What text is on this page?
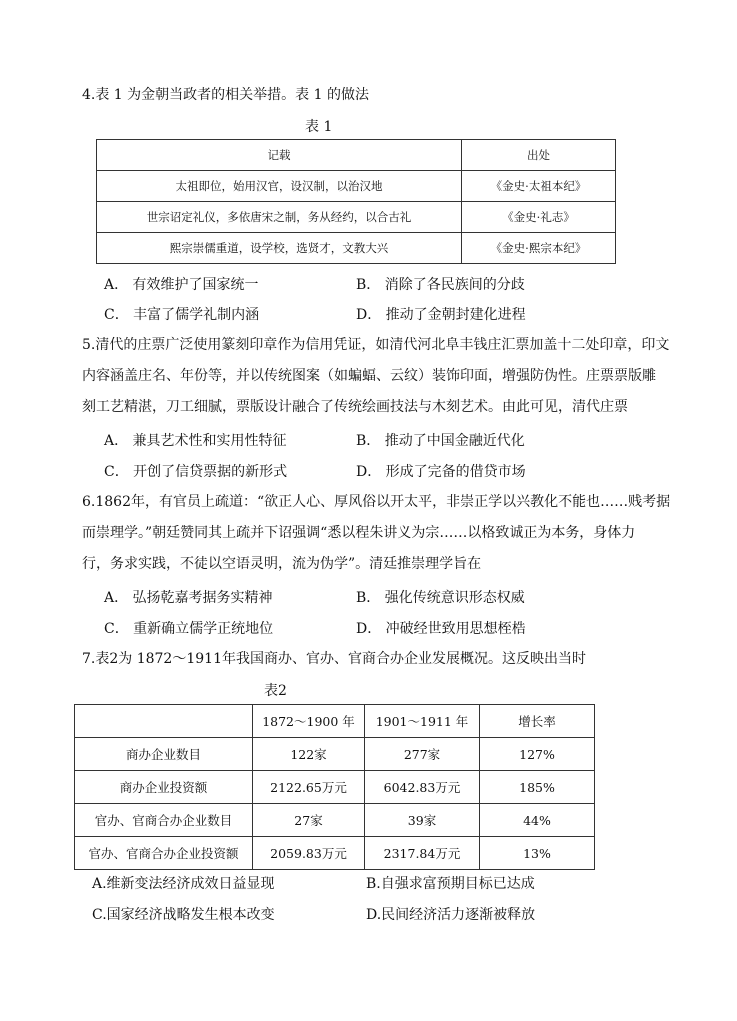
4.表 1 为金朝当政者的相关举措。表 1 的做法
表 1
记载	出处
太祖即位，始用汉官，设汉制，以治汉地	《金史·太祖本纪》
世宗诏定礼仪，多依唐宋之制，务从经约，以合古礼	《金史·礼志》
熙宗崇儒重道，设学校，选贤才，文教大兴	《金史·熙宗本纪》
A． 有效维护了国家统一	B． 消除了各民族间的分歧
C． 丰富了儒学礼制内涵	D． 推动了金朝封建化进程
5.清代的庄票广泛使用篆刻印章作为信用凭证，如清代河北阜丰钱庄汇票加盖十二处印章，印文
内容涵盖庄名、年份等，并以传统图案（如蝙蝠、云纹）装饰印面，增强防伪性。庄票票版雕
刻工艺精湛，刀工细腻，票版设计融合了传统绘画技法与木刻艺术。由此可见，清代庄票
A． 兼具艺术性和实用性特征	B． 推动了中国金融近代化
C． 开创了信贷票据的新形式	D． 形成了完备的借贷市场
6.1862年，有官员上疏道：“欲正人心、厚风俗以开太平，非崇正学以兴教化不能也……贱考据
而崇理学。”朝廷赞同其上疏并下诏强调“悉以程朱讲义为宗……以格致诚正为本务，身体力
行，务求实践，不徒以空语灵明，流为伪学”。清廷推崇理学旨在
A． 弘扬乾嘉考据务实精神	B． 强化传统意识形态权威
C． 重新确立儒学正统地位	D． 冲破经世致用思想桎梏
7.表2为 1872～1911年我国商办、官办、官商合办企业发展概况。这反映出当时
表2
	1872～1900 年	1901～1911 年	增长率
商办企业数目	122家	277家	127%
商办企业投资额	2122.65万元	6042.83万元	185%
官办、官商合办企业数目	27家	39家	44%
官办、官商合办企业投资额	2059.83万元	2317.84万元	13%
A.维新变法经济成效日益显现	B.自强求富预期目标已达成
C.国家经济战略发生根本改变	D.民间经济活力逐渐被释放
